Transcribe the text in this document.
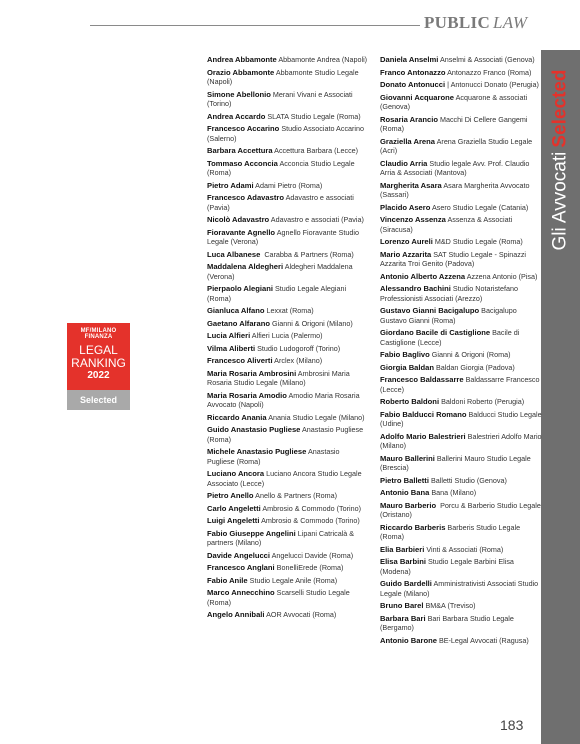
PUBLIC LAW
Gli AvvocatiSelected
MF/MILANO FINANZA
LEGAL
RANKING
2022
Selected
Andrea Abbamonte Abbamonte Andrea (Napoli)
Orazio Abbamonte Abbamonte Studio Legale (Napoli)
Simone Abellonio Merani Vivani e Associati (Torino)
Andrea Accardo SLATA Studio Legale (Roma)
Francesco Accarino Studio Associato Accarino (Salerno)
Barbara Accettura Accettura Barbara (Lecce)
Tommaso Acconcia Acconcia Studio Legale (Roma)
Pietro Adami Adami Pietro (Roma)
Francesco Adavastro Adavastro e associati (Pavia)
Nicolò Adavastro Adavastro e associati (Pavia)
Fioravante Agnello Agnello Fioravante Studio Legale (Verona)
Luca Albanese  Carabba & Partners (Roma)
Maddalena Aldegheri Aldegheri Maddalena (Verona)
Pierpaolo Alegiani Studio Legale Alegiani (Roma)
Gianluca Alfano Lexxat (Roma)
Gaetano Alfarano Gianni & Origoni (Milano)
Lucia Alfieri Alfieri Lucia (Palermo)
Vilma Aliberti Studio Ludogoroff (Torino)
Francesco Aliverti Arclex (Milano)
Maria Rosaria Ambrosini Ambrosini Maria Rosaria Studio Legale (Milano)
Maria Rosaria Amodio Amodio Maria Rosaria Avvocato (Napoli)
Riccardo Anania Anania Studio Legale (Milano)
Guido Anastasio Pugliese Anastasio Pugliese (Roma)
Michele Anastasio Pugliese Anastasio Pugliese (Roma)
Luciano Ancora Luciano Ancora Studio Legale Associato (Lecce)
Pietro Anello Anello & Partners (Roma)
Carlo Angeletti Ambrosio & Commodo (Torino)
Luigi Angeletti Ambrosio & Commodo (Torino)
Fabio Giuseppe Angelini Lipani Catricalà & partners (Milano)
Davide Angelucci Angelucci Davide (Roma)
Francesco Anglani BonelliErede (Roma)
Fabio Anile Studio Legale Anile (Roma)
Marco Annecchino Scarselli Studio Legale (Roma)
Angelo Annibali AOR Avvocati (Roma)
Daniela Anselmi Anselmi & Associati (Genova)
Franco Antonazzo Antonazzo Franco (Roma)
Donato Antonucci | Antonucci Donato (Perugia)
Giovanni Acquarone Acquarone & associati (Genova)
Rosaria Arancio Macchi Di Cellere Gangemi (Roma)
Graziella Arena Arena Graziella Studio Legale (Acri)
Claudio Arria Studio legale Avv. Prof. Claudio Arria & Associati (Mantova)
Margherita Asara Asara Margherita Avvocato (Sassari)
Placido Asero Asero Studio Legale (Catania)
Vincenzo Assenza Assenza & Associati (Siracusa)
Lorenzo Aureli M&D Studio Legale (Roma)
Mario Azzarita SAT Studio Legale - Spinazzi Azzarita Troi Genito (Padova)
Antonio Alberto Azzena Azzena Antonio (Pisa)
Alessandro Bachini Studio Notaristefano Professionisti Associati (Arezzo)
Gustavo Gianni Bacigalupo Bacigalupo Gustavo Gianni (Roma)
Giordano Bacile di Castiglione Bacile di Castiglione (Lecce)
Fabio Baglivo Gianni & Origoni (Roma)
Giorgia Baldan Baldan Giorgia (Padova)
Francesco Baldassarre Baldassarre Francesco (Lecce)
Roberto Baldoni Baldoni Roberto (Perugia)
Fabio Balducci Romano Balducci Studio Legale (Udine)
Adolfo Mario Balestrieri Balestrieri Adolfo Mario (Milano)
Mauro Ballerini Ballerini Mauro Studio Legale (Brescia)
Pietro Balletti Balletti Studio (Genova)
Antonio Bana Bana (Milano)
Mauro Barberio  Porcu & Barberio Studio Legale (Oristano)
Riccardo Barberis Barberis Studio Legale (Roma)
Elia Barbieri Vinti & Associati (Roma)
Elisa Barbini Studio Legale Barbini Elisa (Modena)
Guido Bardelli Amministrativisti Associati Studio Legale (Milano)
Bruno Barel BM&A (Treviso)
Barbara Bari Bari Barbara Studio Legale (Bergamo)
Antonio Barone BE-Legal Avvocati (Ragusa)
183
